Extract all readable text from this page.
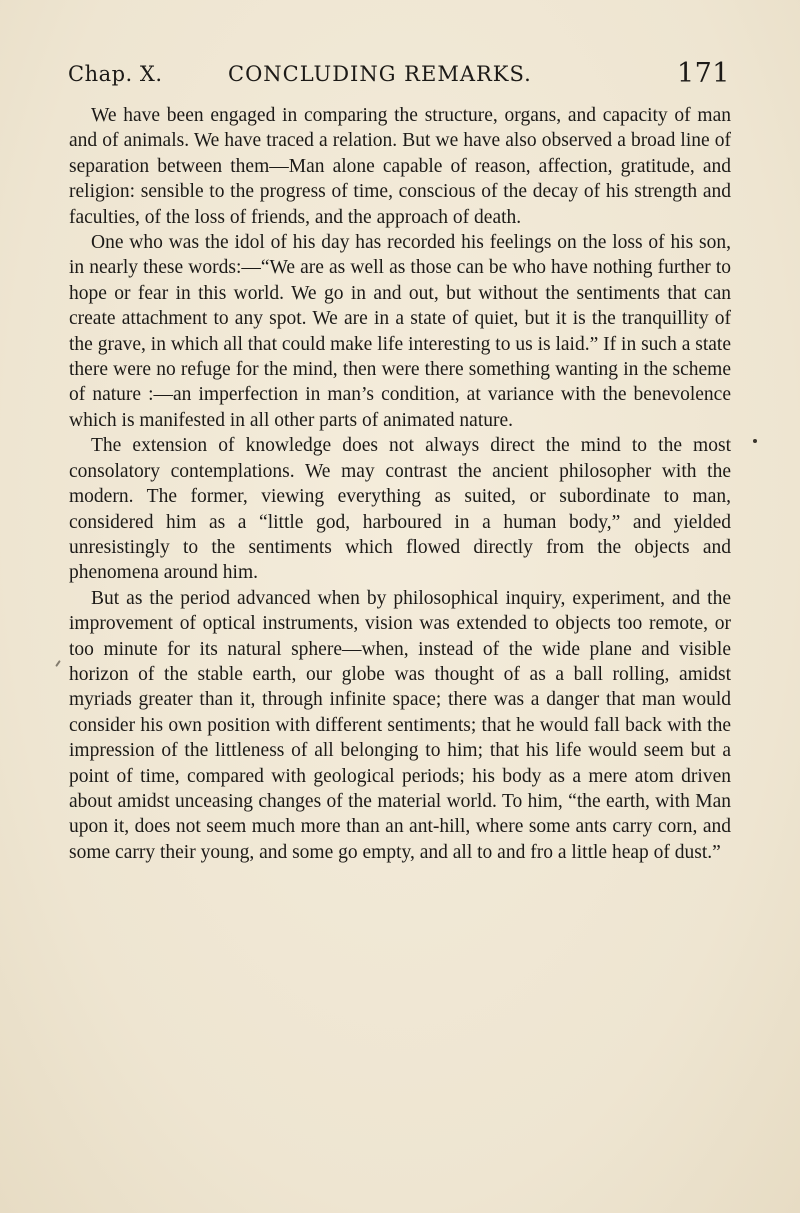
Chap. X.	CONCLUDING REMARKS.	171

We have been engaged in comparing the structure, organs, and capacity of man and of animals. We have traced a relation. But we have also observed a broad line of separation between them—Man alone capable of reason, affection, gratitude, and religion: sensible to the progress of time, conscious of the decay of his strength and faculties, of the loss of friends, and the approach of death.

One who was the idol of his day has recorded his feelings on the loss of his son, in nearly these words:—“We are as well as those can be who have nothing further to hope or fear in this world. We go in and out, but without the sentiments that can create attachment to any spot. We are in a state of quiet, but it is the tranquillity of the grave, in which all that could make life interesting to us is laid.” If in such a state there were no refuge for the mind, then were there something wanting in the scheme of nature :—an imperfection in man’s condition, at variance with the benevolence which is manifested in all other parts of animated nature.

The extension of knowledge does not always direct the mind to the most consolatory contemplations. We may contrast the ancient philosopher with the modern. The former, viewing everything as suited, or subordinate to man, considered him as a “little god, harboured in a human body,” and yielded unresistingly to the sentiments which flowed directly from the objects and phenomena around him.

But as the period advanced when by philosophical inquiry, experiment, and the improvement of optical instruments, vision was extended to objects too remote, or too minute for its natural sphere—when, instead of the wide plane and visible horizon of the stable earth, our globe was thought of as a ball rolling, amidst myriads greater than it, through infinite space; there was a danger that man would consider his own position with different sentiments; that he would fall back with the impression of the littleness of all belonging to him; that his life would seem but a point of time, compared with geological periods; his body as a mere atom driven about amidst unceasing changes of the material world. To him, “the earth, with Man upon it, does not seem much more than an ant-hill, where some ants carry corn, and some carry their young, and some go empty, and all to and fro a little heap of dust.”
